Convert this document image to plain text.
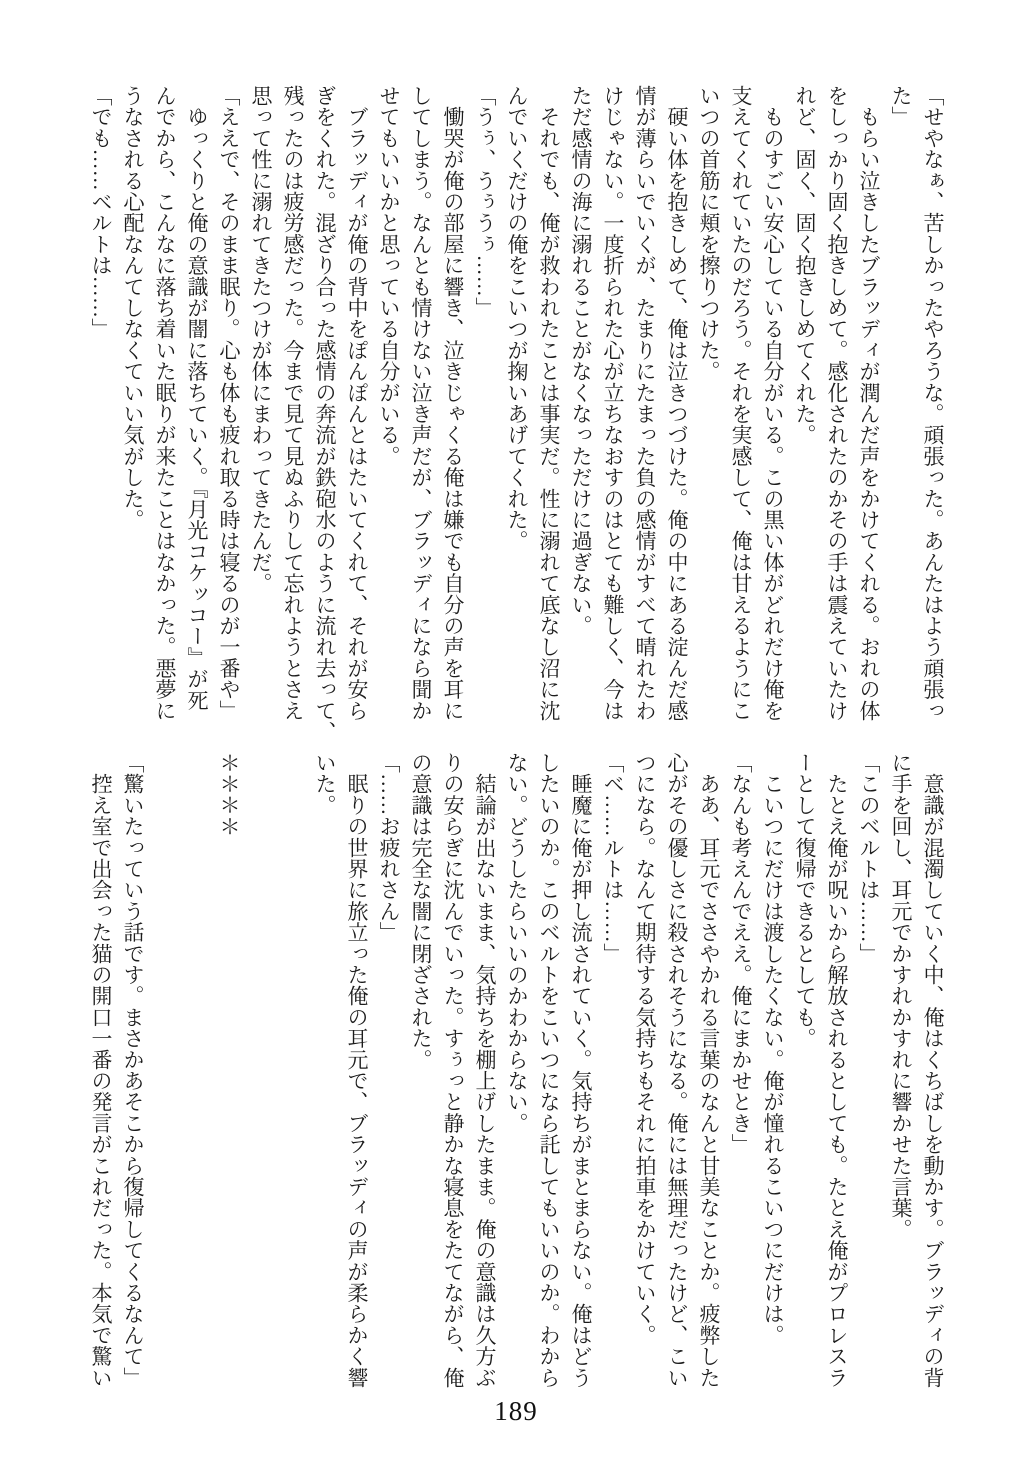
「せやなぁ、苦しかったやろうな。頑張った。あんたはよう頑張っ

た」

　もらい泣きしたブラッディが潤んだ声をかけてくれる。おれの体

をしっかり固く抱きしめて。感化されたのかその手は震えていたけ

れど、固く、固く抱きしめてくれた。

　ものすごい安心している自分がいる。この黒い体がどれだけ俺を

支えてくれていたのだろう。それを実感して、俺は甘えるようにこ

いつの首筋に頬を擦りつけた。

　硬い体を抱きしめて、俺は泣きつづけた。俺の中にある淀んだ感

情が薄らいでいくが、たまりにたまった負の感情がすべて晴れたわ

けじゃない。一度折られた心が立ちなおすのはとても難しく、今は

ただ感情の海に溺れることがなくなっただけに過ぎない。

　それでも、俺が救われたことは事実だ。性に溺れて底なし沼に沈

んでいくだけの俺をこいつが掬いあげてくれた。

「うぅ、うぅうぅ……」

　慟哭が俺の部屋に響き、泣きじゃくる俺は嫌でも自分の声を耳に

してしまう。なんとも情けない泣き声だが、ブラッディになら聞か

せてもいいかと思っている自分がいる。

　ブラッディが俺の背中をぽんぽんとはたいてくれて、それが安ら

ぎをくれた。混ざり合った感情の奔流が鉄砲水のように流れ去って、

残ったのは疲労感だった。今まで見て見ぬふりして忘れようとさえ

思って性に溺れてきたつけが体にまわってきたんだ。

「ええで、そのまま眠り。心も体も疲れ取る時は寝るのが一番や」

　ゆっくりと俺の意識が闇に落ちていく。『月光コケッコー』が死

んでから、こんなに落ち着いた眠りが来たことはなかった。悪夢に

うなされる心配なんてしなくていい気がした。

「でも……ベルトは……」

　意識が混濁していく中、俺はくちばしを動かす。ブラッディの背

に手を回し、耳元でかすれかすれに響かせた言葉。

「このベルトは……」

　たとえ俺が呪いから解放されるとしても。たとえ俺がプロレスラ

ーとして復帰できるとしても。

　こいつにだけは渡したくない。俺が憧れるこいつにだけは。

「なんも考えんでええ。俺にまかせとき」

　ああ、耳元でささやかれる言葉のなんと甘美なことか。疲弊した

心がその優しさに殺されそうになる。俺には無理だったけど、こい

つになら。なんて期待する気持ちもそれに拍車をかけていく。

「ベ……ルトは……」

　睡魔に俺が押し流されていく。気持ちがまとまらない。俺はどう

したいのか。このベルトをこいつになら託してもいいのか。わから

ない。どうしたらいいのかわからない。

　結論が出ないまま、気持ちを棚上げしたまま。俺の意識は久方ぶ

りの安らぎに沈んでいった。すぅっと静かな寝息をたてながら、俺

の意識は完全な闇に閉ざされた。

「……お疲れさん」

　眠りの世界に旅立った俺の耳元で、ブラッディの声が柔らかく響

いた。

＊＊＊＊

「驚いたっていう話です。まさかあそこから復帰してくるなんて」

　控え室で出会った猫の開口一番の発言がこれだった。本気で驚い

189
